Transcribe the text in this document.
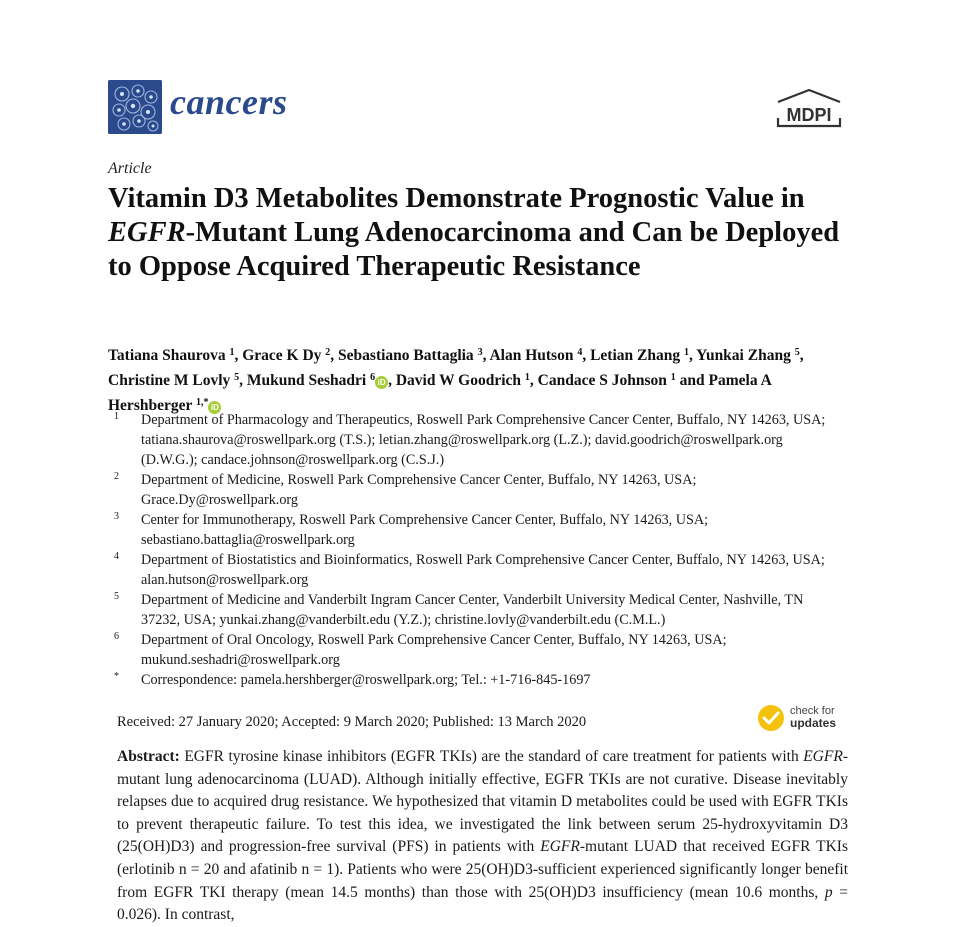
cancers	MDPI
Article
Vitamin D3 Metabolites Demonstrate Prognostic Value in EGFR-Mutant Lung Adenocarcinoma and Can be Deployed to Oppose Acquired Therapeutic Resistance
Tatiana Shaurova $^1$, Grace K Dy $^2$, Sebastiano Battaglia $^3$, Alan Hutson $^4$, Letian Zhang $^1$, Yunkai Zhang $^5$, Christine M Lovly $^5$, Mukund Seshadri $^6$ iD , David W Goodrich $^1$, Candace S Johnson $^1$ and Pamela A Hershberger $^{1,*}$ iD
1 Department of Pharmacology and Therapeutics, Roswell Park Comprehensive Cancer Center, Buffalo, NY 14263, USA; tatiana.shaurova@roswellpark.org (T.S.); letian.zhang@roswellpark.org (L.Z.); david.goodrich@roswellpark.org (D.W.G.); candace.johnson@roswellpark.org (C.S.J.)
2 Department of Medicine, Roswell Park Comprehensive Cancer Center, Buffalo, NY 14263, USA; Grace.Dy@roswellpark.org
3 Center for Immunotherapy, Roswell Park Comprehensive Cancer Center, Buffalo, NY 14263, USA; sebastiano.battaglia@roswellpark.org
4 Department of Biostatistics and Bioinformatics, Roswell Park Comprehensive Cancer Center, Buffalo, NY 14263, USA; alan.hutson@roswellpark.org
5 Department of Medicine and Vanderbilt Ingram Cancer Center, Vanderbilt University Medical Center, Nashville, TN 37232, USA; yunkai.zhang@vanderbilt.edu (Y.Z.); christine.lovly@vanderbilt.edu (C.M.L.)
6 Department of Oral Oncology, Roswell Park Comprehensive Cancer Center, Buffalo, NY 14263, USA; mukund.seshadri@roswellpark.org
* Correspondence: pamela.hershberger@roswellpark.org; Tel.: +1-716-845-1697
Received: 27 January 2020; Accepted: 9 March 2020; Published: 13 March 2020
check for
updates
Abstract: EGFR tyrosine kinase inhibitors (EGFR TKIs) are the standard of care treatment for patients with EGFR-mutant lung adenocarcinoma (LUAD). Although initially effective, EGFR TKIs are not curative. Disease inevitably relapses due to acquired drug resistance. We hypothesized that vitamin D metabolites could be used with EGFR TKIs to prevent therapeutic failure. To test this idea, we investigated the link between serum 25-hydroxyvitamin D3 (25(OH)D3) and progression-free survival (PFS) in patients with EGFR-mutant LUAD that received EGFR TKIs (erlotinib n = 20 and afatinib n = 1). Patients who were 25(OH)D3-sufficient experienced significantly longer benefit from EGFR TKI therapy (mean 14.5 months) than those with 25(OH)D3 insufficiency (mean 10.6 months, p = 0.026). In contrast,
